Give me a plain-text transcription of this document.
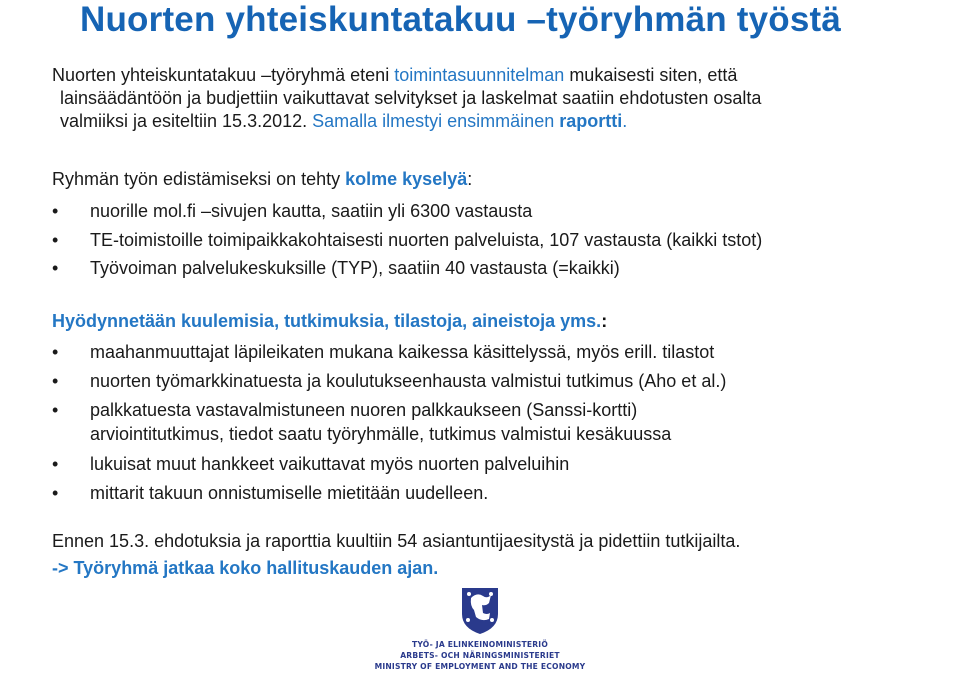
Nuorten yhteiskuntatakuu –työryhmän työstä

Nuorten yhteiskuntatakuu –työryhmä eteni toimintasuunnitelman mukaisesti siten, että
lainsäädäntöön ja budjettiin vaikuttavat selvitykset ja laskelmat saatiin ehdotusten osalta
valmiiksi ja esiteltiin 15.3.2012. Samalla ilmestyi ensimmäinen raportti.

Ryhmän työn edistämiseksi on tehty kolme kyselyä:

• nuorille mol.fi –sivujen kautta, saatiin yli 6300 vastausta
• TE-toimistoille toimipaikkakohtaisesti nuorten palveluista, 107 vastausta (kaikki tstot)
• Työvoiman palvelukeskuksille (TYP), saatiin 40 vastausta (=kaikki)

Hyödynnetään kuulemisia, tutkimuksia, tilastoja, aineistoja yms.:

• maahanmuuttajat läpileikaten mukana kaikessa käsittelyssä, myös erill. tilastot
• nuorten työmarkkinatuesta ja koulutukseenhausta valmistui tutkimus (Aho et al.)
• palkkatuesta vastavalmistuneen nuoren palkkaukseen (Sanssi-kortti)
arviointitutkimus, tiedot saatu työryhmälle, tutkimus valmistui kesäkuussa
• lukuisat muut hankkeet vaikuttavat myös nuorten palveluihin
• mittarit takuun onnistumiselle mietitään uudelleen.

Ennen 15.3. ehdotuksia ja raporttia kuultiin 54 asiantuntijaesitystä ja pidettiin tutkijailta.
-> Työryhmä jatkaa koko hallituskauden ajan.

TYÖ- JA ELINKEINOMINISTERIÖ
ARBETS- OCH NÄRINGSMINISTERIET
MINISTRY OF EMPLOYMENT AND THE ECONOMY
